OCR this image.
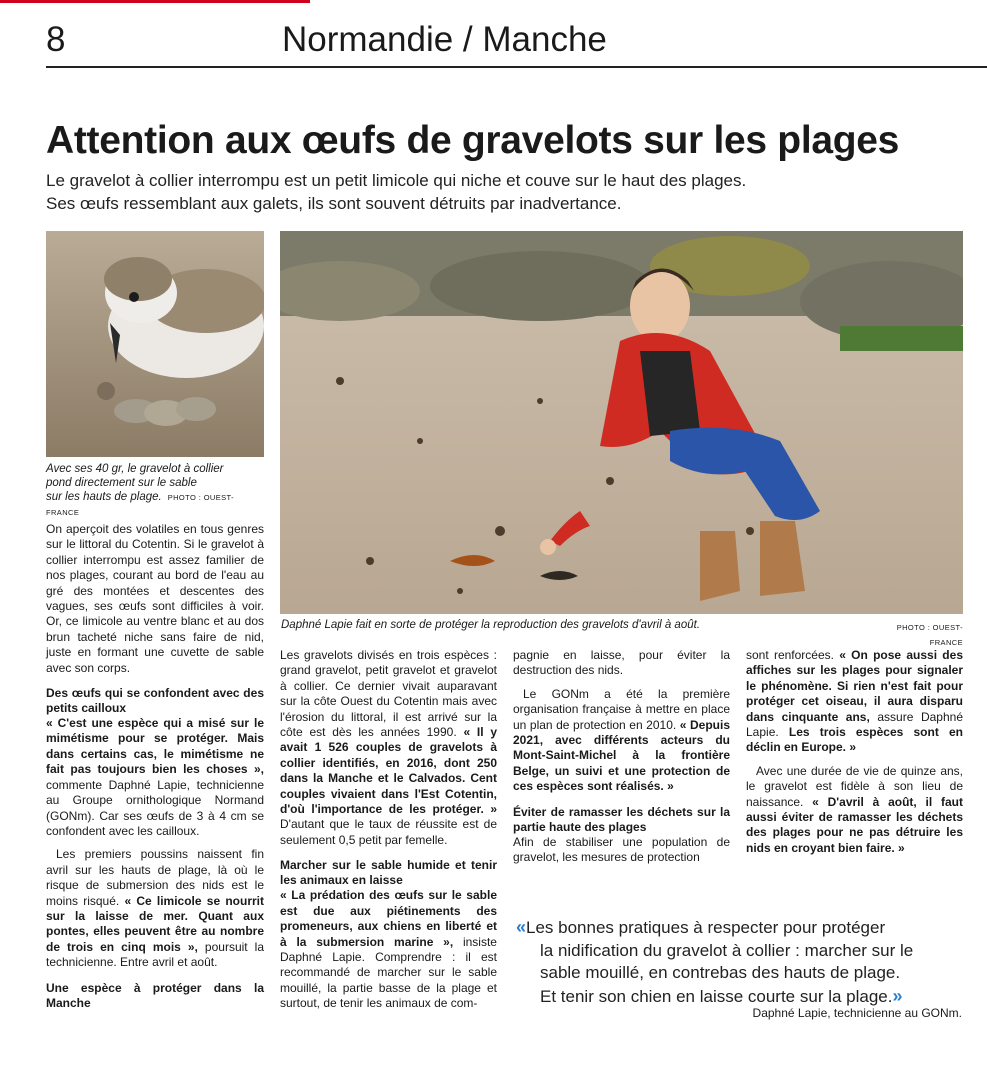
8	Normandie / Manche
Attention aux œufs de gravelots sur les plages
Le gravelot à collier interrompu est un petit limicole qui niche et couve sur le haut des plages.
Ses œufs ressemblant aux galets, ils sont souvent détruits par inadvertance.
Avec ses 40 gr, le gravelot à collier
pond directement sur le sable
sur les hauts de plage. PHOTO : OUEST-FRANCE
Daphné Lapie fait en sorte de protéger la reproduction des gravelots d'avril à août.	PHOTO : OUEST-FRANCE

On aperçoit des volatiles en tous genres sur le littoral du Cotentin. Si le gravelot à collier interrompu est assez familier de nos plages, courant au bord de l'eau au gré des montées et descentes des vagues, ses œufs sont difficiles à voir. Or, ce limicole au ventre blanc et au dos brun tacheté niche sans faire de nid, juste en formant une cuvette de sable avec son corps.

Des œufs qui se confondent avec des petits cailloux

« C'est une espèce qui a misé sur le mimétisme pour se protéger. Mais dans certains cas, le mimétisme ne fait pas toujours bien les choses », commente Daphné Lapie, technicienne au Groupe ornithologique Normand (GONm). Car ses œufs de 3 à 4 cm se confondent avec les cailloux.

Les premiers poussins naissent fin avril sur les hauts de plage, là où le risque de submersion des nids est le moins risqué. « Ce limicole se nourrit sur la laisse de mer. Quant aux pontes, elles peuvent être au nombre de trois en cinq mois », poursuit la technicienne. Entre avril et août.

Une espèce à protéger dans la Manche

Les gravelots divisés en trois espèces : grand gravelot, petit gravelot et gravelot à collier. Ce dernier vivait auparavant sur la côte Ouest du Cotentin mais avec l'érosion du littoral, il est arrivé sur la côte est dès les années 1990. « Il y avait 1 526 couples de gravelots à collier identifiés, en 2016, dont 250 dans la Manche et le Calvados. Cent couples vivaient dans l'Est Cotentin, d'où l'importance de les protéger. » D'autant que le taux de réussite est de seulement 0,5 petit par femelle.

Marcher sur le sable humide et tenir les animaux en laisse

« La prédation des œufs sur le sable est due aux piétinements des promeneurs, aux chiens en liberté et à la submersion marine », insiste Daphné Lapie. Comprendre : il est recommandé de marcher sur le sable mouillé, la partie basse de la plage et surtout, de tenir les animaux de com-

pagnie en laisse, pour éviter la destruction des nids.

Le GONm a été la première organisation française à mettre en place un plan de protection en 2010. « Depuis 2021, avec différents acteurs du Mont-Saint-Michel à la frontière Belge, un suivi et une protection de ces espèces sont réalisés. »

Éviter de ramasser les déchets sur la partie haute des plages

Afin de stabiliser une population de gravelot, les mesures de protection

sont renforcées. « On pose aussi des affiches sur les plages pour signaler le phénomène. Si rien n'est fait pour protéger cet oiseau, il aura disparu dans cinquante ans, assure Daphné Lapie. Les trois espèces sont en déclin en Europe. »

Avec une durée de vie de quinze ans, le gravelot est fidèle à son lieu de naissance. « D'avril à août, il faut aussi éviter de ramasser les déchets des plages pour ne pas détruire les nids en croyant bien faire. »

«Les bonnes pratiques à respecter pour protéger
la nidification du gravelot à collier : marcher sur le
sable mouillé, en contrebas des hauts de plage.
Et tenir son chien en laisse courte sur la plage.»
Daphné Lapie, technicienne au GONm.
